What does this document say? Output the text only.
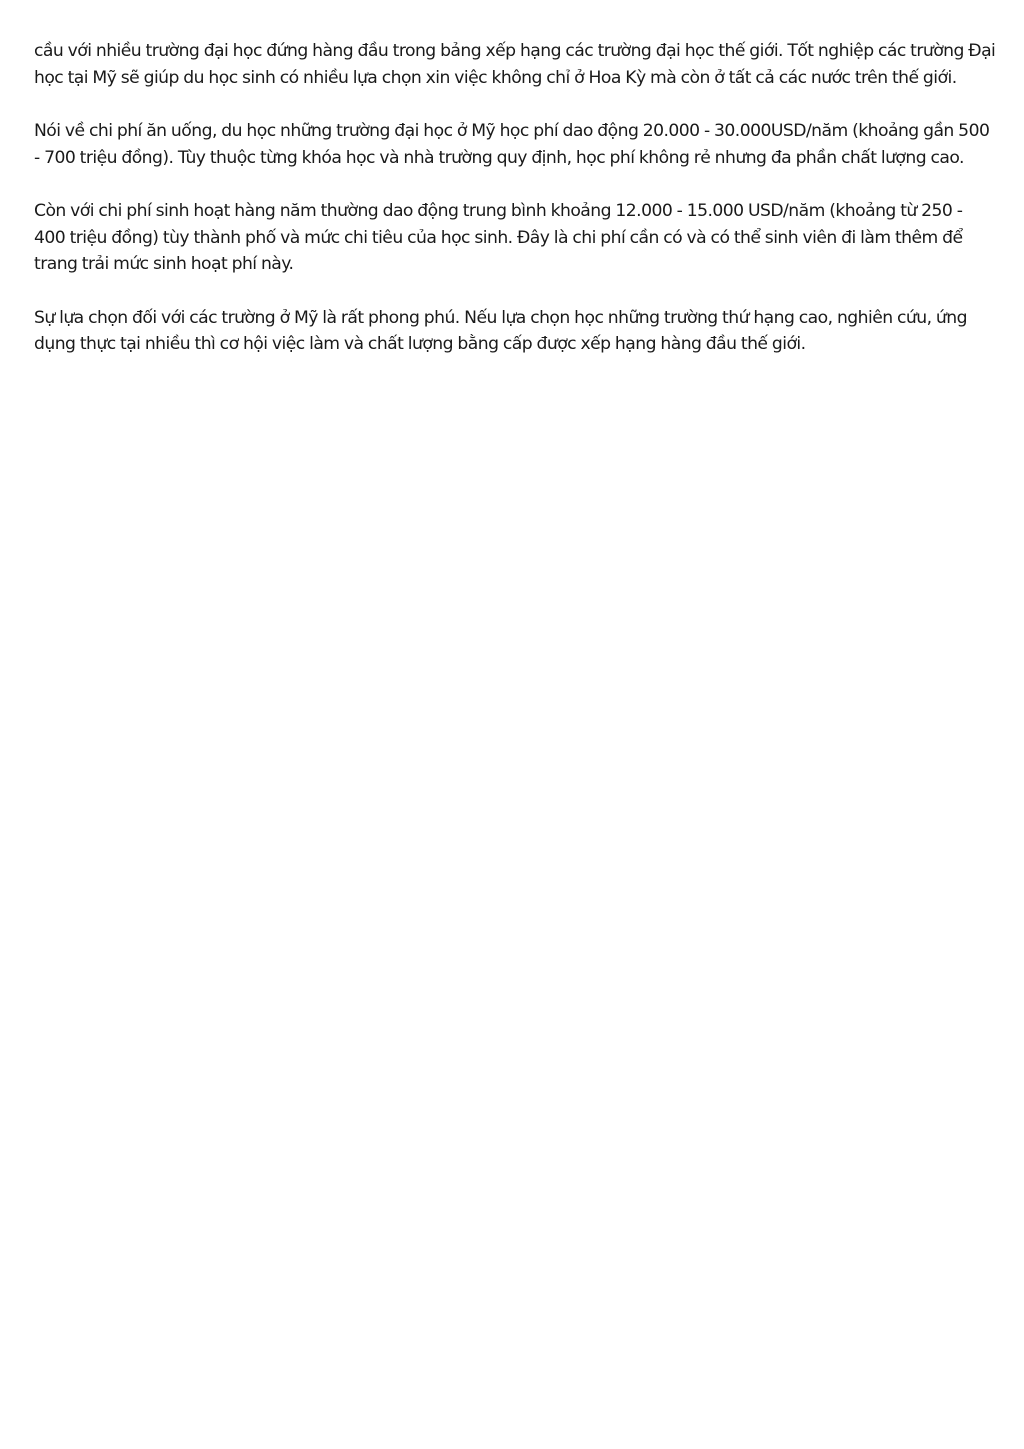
cầu với nhiều trường đại học đứng hàng đầu trong bảng xếp hạng các trường đại học thế giới. Tốt nghiệp các trường Đại học tại Mỹ sẽ giúp du học sinh có nhiều lựa chọn xin việc không chỉ ở Hoa Kỳ mà còn ở tất cả các nước trên thế giới.

Nói về chi phí ăn uống, du học những trường đại học ở Mỹ học phí dao động 20.000 - 30.000USD/năm (khoảng gần 500 - 700 triệu đồng). Tùy thuộc từng khóa học và nhà trường quy định, học phí không rẻ nhưng đa phần chất lượng cao.

Còn với chi phí sinh hoạt hàng năm thường dao động trung bình khoảng 12.000 - 15.000 USD/năm (khoảng từ 250 - 400 triệu đồng) tùy thành phố và mức chi tiêu của học sinh. Đây là chi phí cần có và có thể sinh viên đi làm thêm để trang trải mức sinh hoạt phí này.

Sự lựa chọn đối với các trường ở Mỹ là rất phong phú. Nếu lựa chọn học những trường thứ hạng cao, nghiên cứu, ứng dụng thực tại nhiều thì cơ hội việc làm và chất lượng bằng cấp được xếp hạng hàng đầu thế giới.
